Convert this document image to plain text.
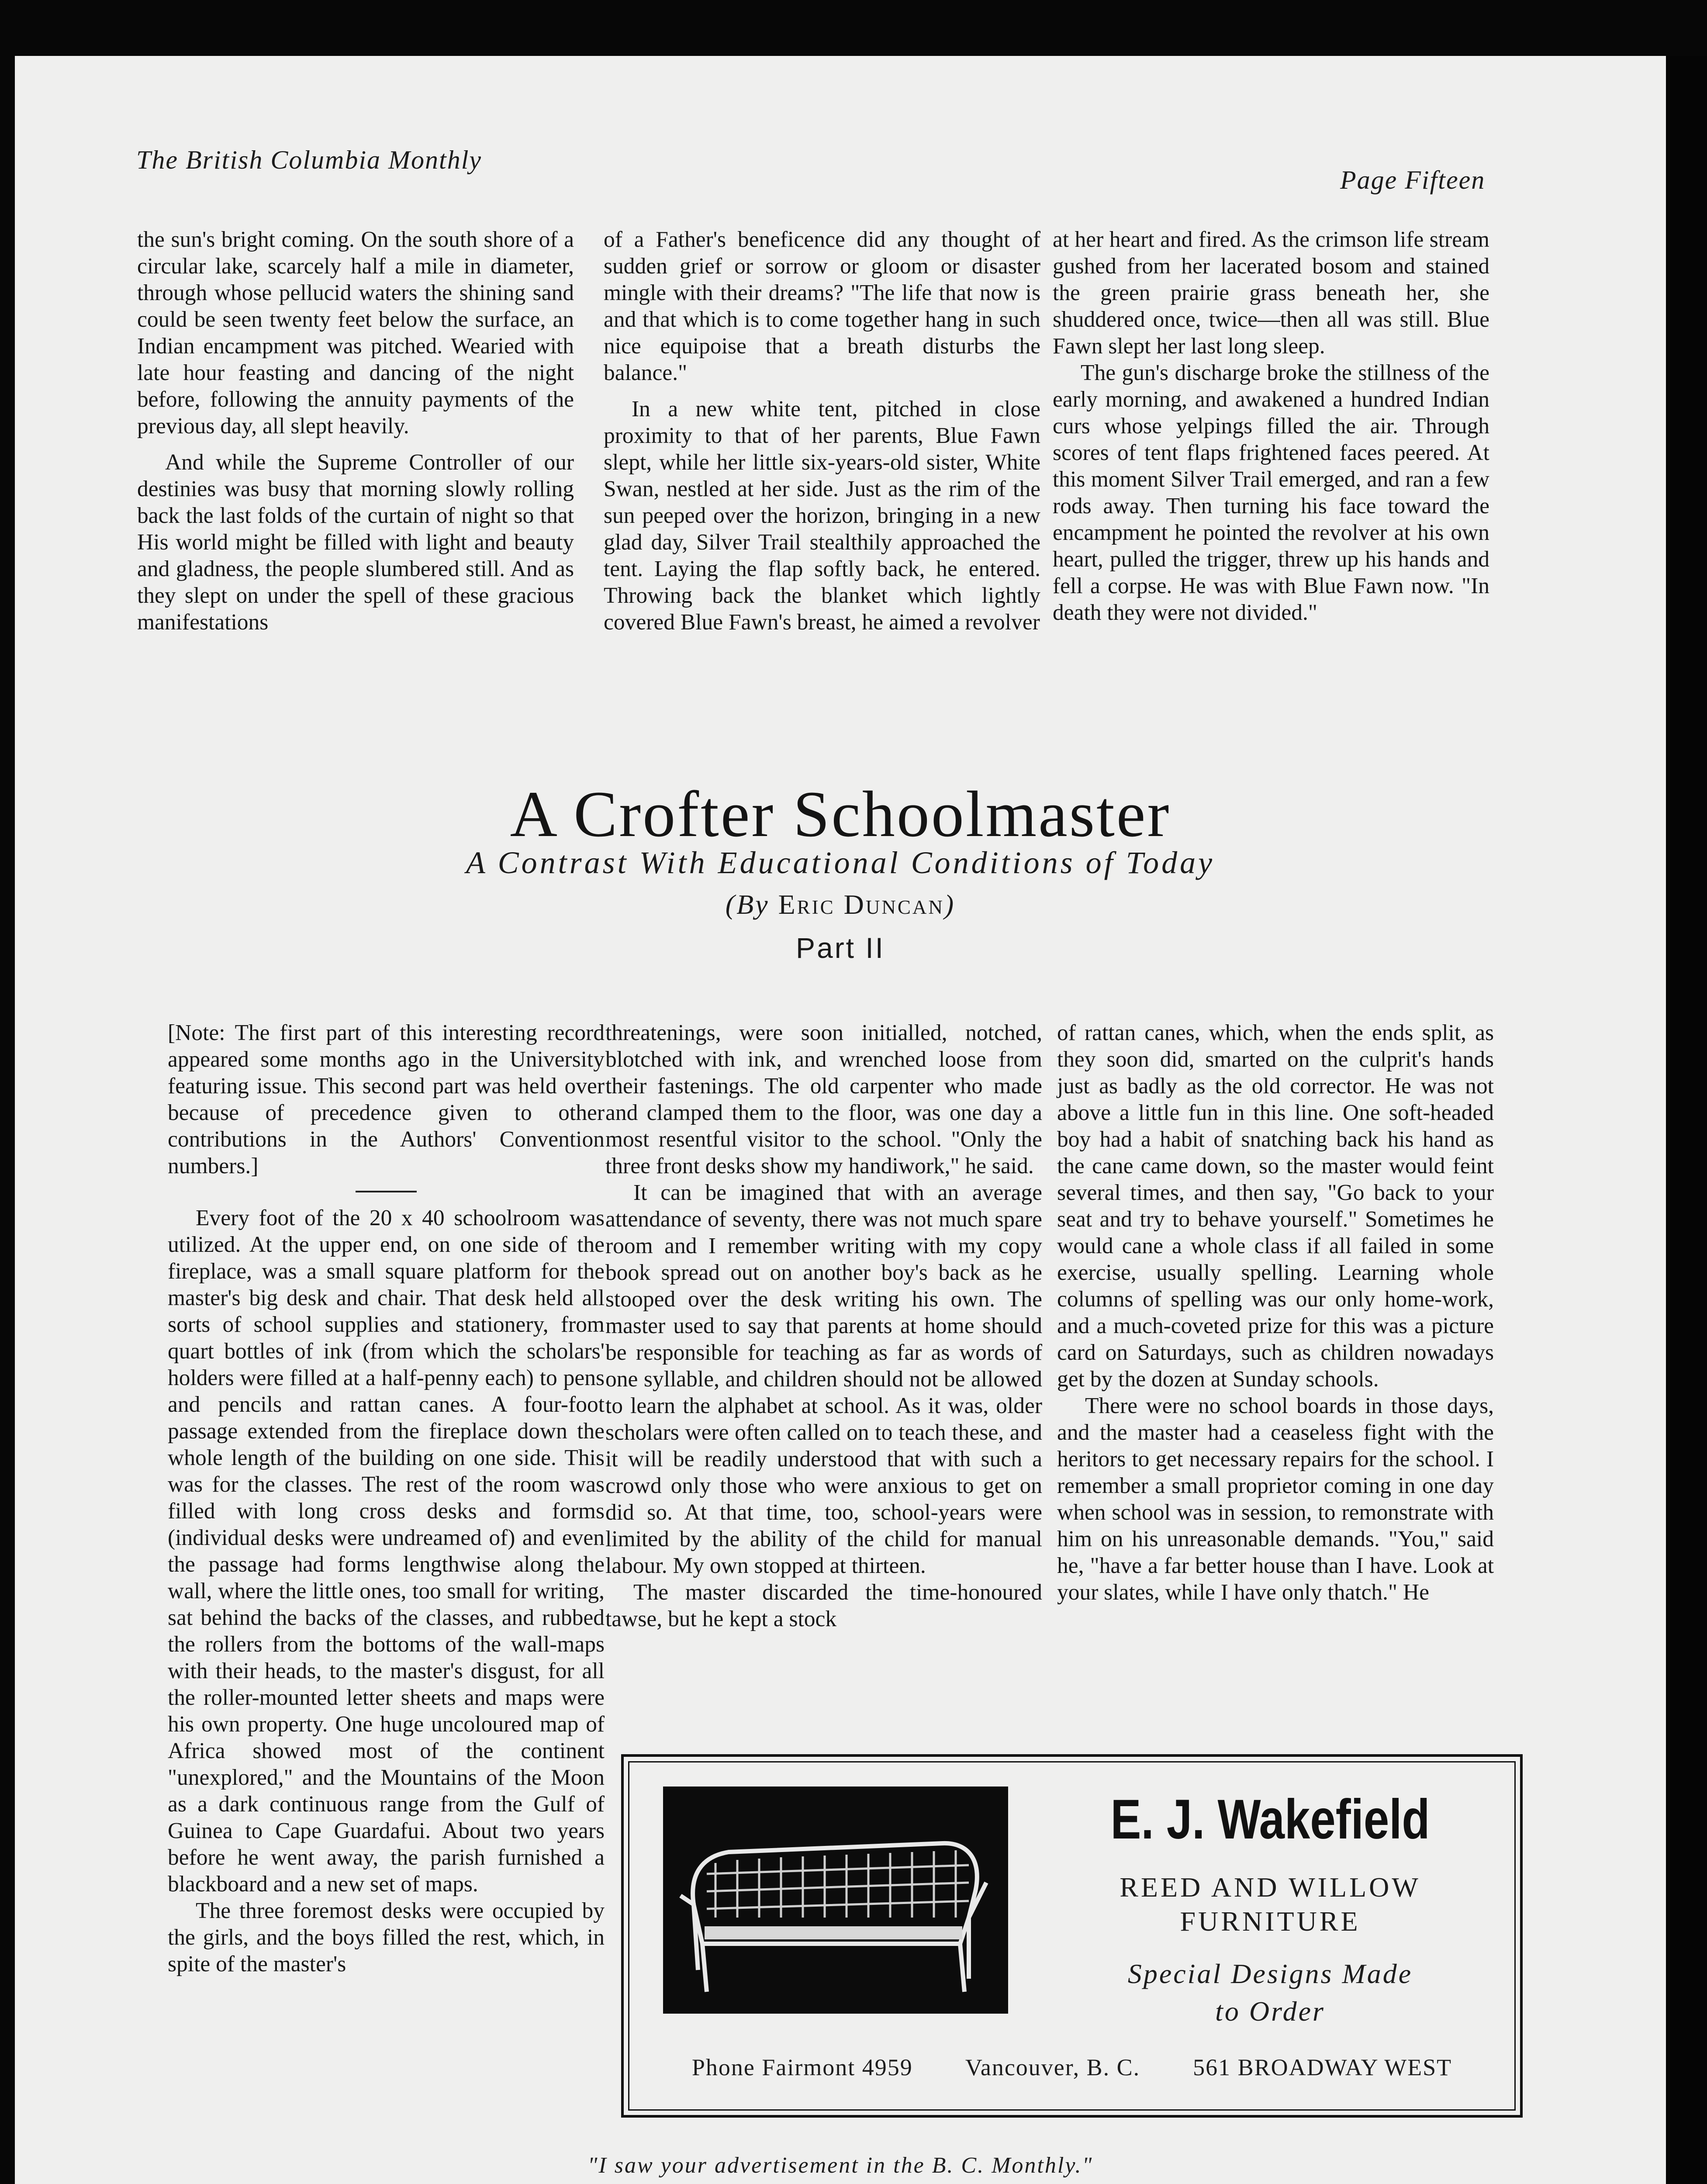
The British Columbia Monthly
Page Fifteen

the sun's bright coming. On the south shore of a circular lake, scarcely half a mile in diameter, through whose pellucid waters the shining sand could be seen twenty feet below the surface, an Indian encampment was pitched. Wearied with late hour feasting and dancing of the night before, following the annuity payments of the previous day, all slept heavily.

And while the Supreme Controller of our destinies was busy that morning slowly rolling back the last folds of the curtain of night so that His world might be filled with light and beauty and gladness, the people slumbered still. And as they slept on under the spell of these gracious manifestations

of a Father's beneficence did any thought of sudden grief or sorrow or gloom or disaster mingle with their dreams? "The life that now is and that which is to come together hang in such nice equipoise that a breath disturbs the balance."

In a new white tent, pitched in close proximity to that of her parents, Blue Fawn slept, while her little six-years-old sister, White Swan, nestled at her side. Just as the rim of the sun peeped over the horizon, bringing in a new glad day, Silver Trail stealthily approached the tent. Laying the flap softly back, he entered. Throwing back the blanket which lightly covered Blue Fawn's breast, he aimed a revolver

at her heart and fired. As the crimson life stream gushed from her lacerated bosom and stained the green prairie grass beneath her, she shuddered once, twice—then all was still. Blue Fawn slept her last long sleep.

The gun's discharge broke the stillness of the early morning, and awakened a hundred Indian curs whose yelpings filled the air. Through scores of tent flaps frightened faces peered. At this moment Silver Trail emerged, and ran a few rods away. Then turning his face toward the encampment he pointed the revolver at his own heart, pulled the trigger, threw up his hands and fell a corpse. He was with Blue Fawn now. "In death they were not divided."

A Crofter Schoolmaster
A Contrast With Educational Conditions of Today
(By Eric Duncan)
Part II

[Note: The first part of this interesting record appeared some months ago in the University featuring issue. This second part was held over because of precedence given to other contributions in the Authors' Convention numbers.]

Every foot of the 20 x 40 schoolroom was utilized. At the upper end, on one side of the fireplace, was a small square platform for the master's big desk and chair. That desk held all sorts of school supplies and stationery, from quart bottles of ink (from which the scholars' holders were filled at a half-penny each) to pens and pencils and rattan canes. A four-foot passage extended from the fireplace down the whole length of the building on one side. This was for the classes. The rest of the room was filled with long cross desks and forms (individual desks were undreamed of) and even the passage had forms lengthwise along the wall, where the little ones, too small for writing, sat behind the backs of the classes, and rubbed the rollers from the bottoms of the wall-maps with their heads, to the master's disgust, for all the roller-mounted letter sheets and maps were his own property. One huge uncoloured map of Africa showed most of the continent "unexplored," and the Mountains of the Moon as a dark continuous range from the Gulf of Guinea to Cape Guardafui. About two years before he went away, the parish furnished a blackboard and a new set of maps.

The three foremost desks were occupied by the girls, and the boys filled the rest, which, in spite of the master's

threatenings, were soon initialled, notched, blotched with ink, and wrenched loose from their fastenings. The old carpenter who made and clamped them to the floor, was one day a most resentful visitor to the school. "Only the three front desks show my handiwork," he said.

It can be imagined that with an average attendance of seventy, there was not much spare room and I remember writing with my copy book spread out on another boy's back as he stooped over the desk writing his own. The master used to say that parents at home should be responsible for teaching as far as words of one syllable, and children should not be allowed to learn the alphabet at school. As it was, older scholars were often called on to teach these, and it will be readily understood that with such a crowd only those who were anxious to get on did so. At that time, too, school-years were limited by the ability of the child for manual labour. My own stopped at thirteen.

The master discarded the time-honoured tawse, but he kept a stock

of rattan canes, which, when the ends split, as they soon did, smarted on the culprit's hands just as badly as the old corrector. He was not above a little fun in this line. One soft-headed boy had a habit of snatching back his hand as the cane came down, so the master would feint several times, and then say, "Go back to your seat and try to behave yourself." Sometimes he would cane a whole class if all failed in some exercise, usually spelling. Learning whole columns of spelling was our only home-work, and a much-coveted prize for this was a picture card on Saturdays, such as children nowadays get by the dozen at Sunday schools.

There were no school boards in those days, and the master had a ceaseless fight with the heritors to get necessary repairs for the school. I remember a small proprietor coming in one day when school was in session, to remonstrate with him on his unreasonable demands. "You," said he, "have a far better house than I have. Look at your slates, while I have only thatch." He

E. J. Wakefield
REED AND WILLOW
FURNITURE
Special Designs Made
to Order
Phone Fairmont 4959 Vancouver, B. C. 561 BROADWAY WEST
"I saw your advertisement in the B. C. Monthly."
